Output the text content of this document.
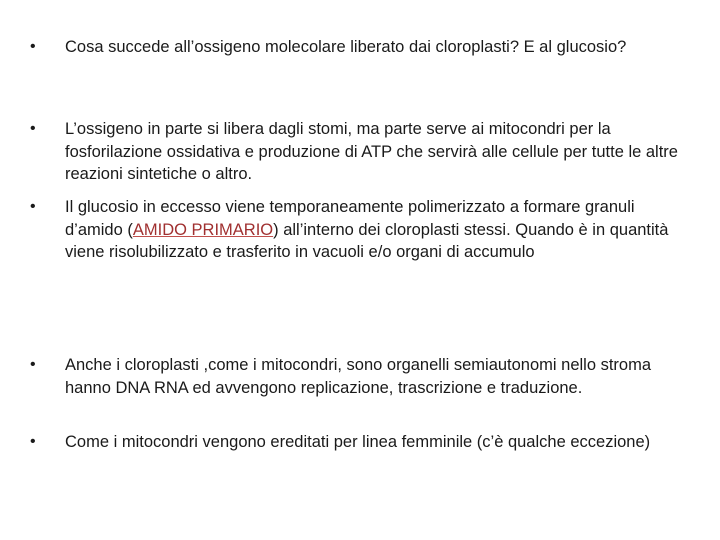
•	Cosa succede all’ossigeno molecolare liberato dai cloroplasti? E al glucosio?
•	L’ossigeno in parte si libera dagli stomi, ma parte serve ai mitocondri per la fosforilazione ossidativa e produzione di ATP che servirà alle cellule per tutte le altre reazioni sintetiche o altro.
•	Il glucosio in eccesso viene temporaneamente polimerizzato a formare granuli d’amido (AMIDO PRIMARIO) all’interno dei cloroplasti stessi. Quando è in quantità viene risolubilizzato e trasferito in vacuoli e/o organi di accumulo
•	Anche i cloroplasti ,come i mitocondri, sono organelli semiautonomi nello stroma hanno DNA RNA ed avvengono replicazione, trascrizione e traduzione.
•	Come i mitocondri vengono ereditati per linea femminile (c’è qualche eccezione)
